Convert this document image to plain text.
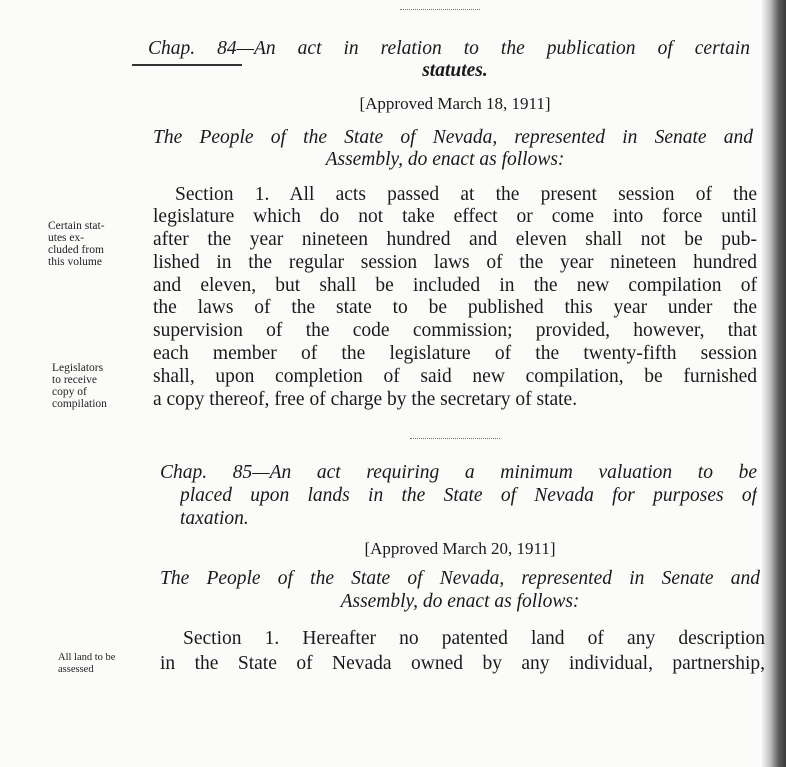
Chap. 84—An act in relation to the publication of certain
statutes.
[Approved March 18, 1911]
The People of the State of Nevada, represented in Senate and
Assembly, do enact as follows:
Section 1. All acts passed at the present session of the
legislature which do not take effect or come into force until
after the year nineteen hundred and eleven shall not be pub-
lished in the regular session laws of the year nineteen hundred
and eleven, but shall be included in the new compilation of
the laws of the state to be published this year under the
supervision of the code commission; provided, however, that
each member of the legislature of the twenty-fifth session
shall, upon completion of said new compilation, be furnished
a copy thereof, free of charge by the secretary of state.
Certain stat-
utes ex-
cluded from
this volume
Legislators
to receive
copy of
compilation
Chap. 85—An act requiring a minimum valuation to be
placed upon lands in the State of Nevada for purposes of
taxation.
[Approved March 20, 1911]
The People of the State of Nevada, represented in Senate and
Assembly, do enact as follows:
Section 1. Hereafter no patented land of any description
in the State of Nevada owned by any individual, partnership,
All land to be
assessed
